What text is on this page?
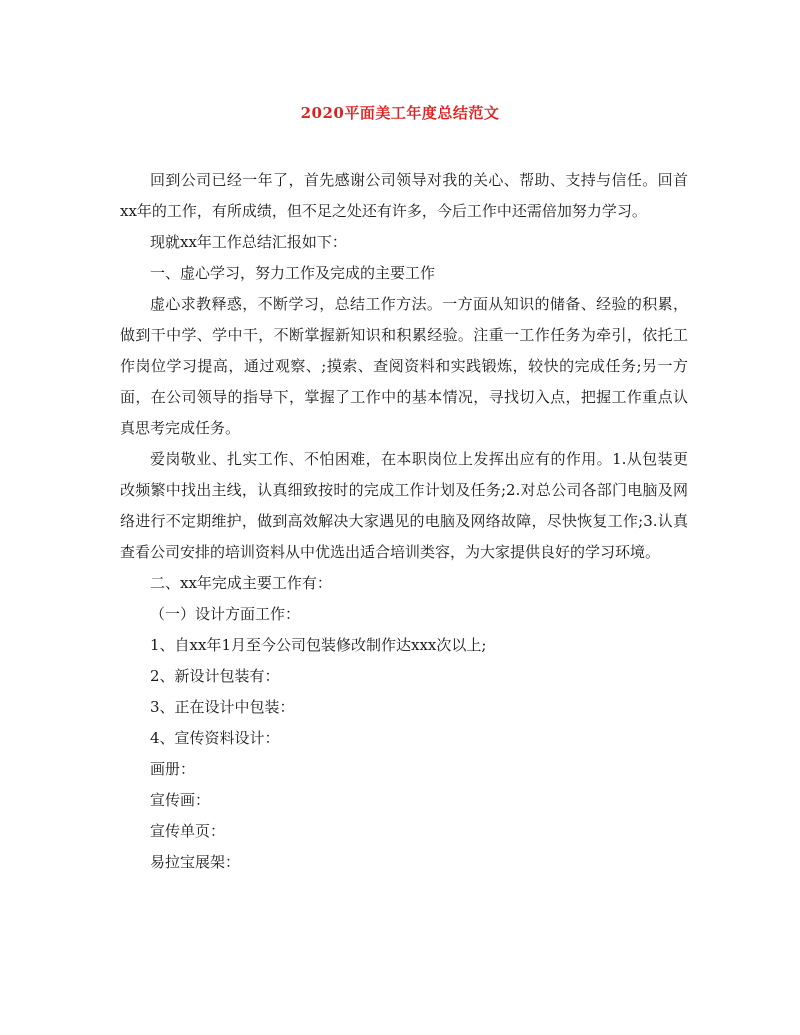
2020平面美工年度总结范文

回到公司已经一年了，首先感谢公司领导对我的关心、帮助、支持与信任。回首xx年的工作，有所成绩，但不足之处还有许多，今后工作中还需倍加努力学习。

现就xx年工作总结汇报如下：

一、虚心学习，努力工作及完成的主要工作

虚心求教释惑，不断学习，总结工作方法。一方面从知识的储备、经验的积累，做到干中学、学中干，不断掌握新知识和积累经验。注重一工作任务为牵引，依托工作岗位学习提高，通过观察、;摸索、查阅资料和实践锻炼，较快的完成任务;另一方面，在公司领导的指导下，掌握了工作中的基本情况，寻找切入点，把握工作重点认真思考完成任务。

爱岗敬业、扎实工作、不怕困难，在本职岗位上发挥出应有的作用。1.从包装更改频繁中找出主线，认真细致按时的完成工作计划及任务;2.对总公司各部门电脑及网络进行不定期维护，做到高效解决大家遇见的电脑及网络故障，尽快恢复工作;3.认真查看公司安排的培训资料从中优选出适合培训类容，为大家提供良好的学习环境。

二、xx年完成主要工作有：

（一）设计方面工作：

1、自xx年1月至今公司包装修改制作达xxx次以上;

2、新设计包装有：

3、正在设计中包装：

4、宣传资料设计：

画册：

宣传画：

宣传单页：

易拉宝展架：
